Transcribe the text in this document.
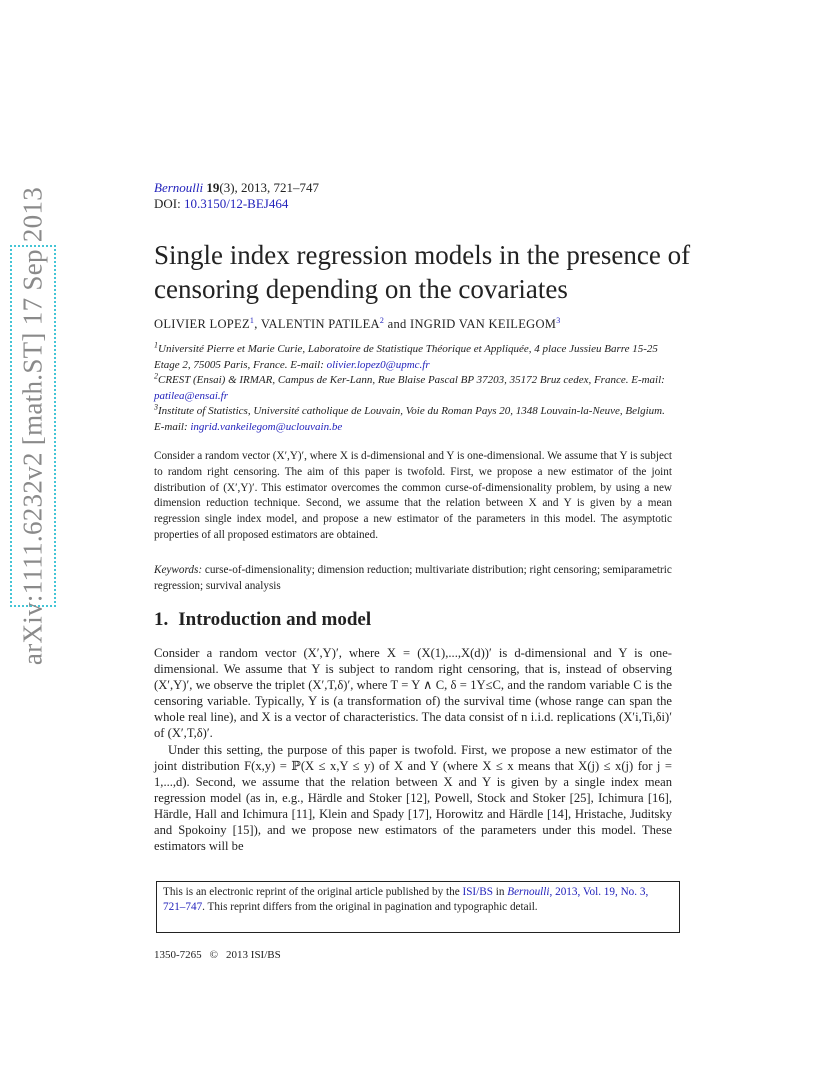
arXiv:1111.6232v2 [math.ST] 17 Sep 2013	Bernoulli 19(3), 2013, 721–747
DOI: 10.3150/12-BEJ464
Single index regression models in the presence of censoring depending on the covariates
OLIVIER LOPEZ$^1$, VALENTIN PATILEA$^2$ and INGRID VAN KEILEGOM$^3$

$^1$Université Pierre et Marie Curie, Laboratoire de Statistique Théorique et Appliquée, 4 place Jussieu Barre 15-25 Etage 2, 75005 Paris, France. E-mail: olivier.lopez0@upmc.fr

$^2$CREST (Ensai) & IRMAR, Campus de Ker-Lann, Rue Blaise Pascal BP 37203, 35172 Bruz cedex, France. E-mail: patilea@ensai.fr

$^3$Institute of Statistics, Université catholique de Louvain, Voie du Roman Pays 20, 1348 Louvain-la-Neuve, Belgium. E-mail: ingrid.vankeilegom@uclouvain.be

Consider a random vector (X′,Y)′, where X is d-dimensional and Y is one-dimensional. We assume that Y is subject to random right censoring. The aim of this paper is twofold. First, we propose a new estimator of the joint distribution of (X′,Y)′. This estimator overcomes the common curse-of-dimensionality problem, by using a new dimension reduction technique. Second, we assume that the relation between X and Y is given by a mean regression single index model, and propose a new estimator of the parameters in this model. The asymptotic properties of all proposed estimators are obtained.
Keywords: curse-of-dimensionality; dimension reduction; multivariate distribution; right censoring; semiparametric regression; survival analysis
1. Introduction and model

Consider a random vector (X′,Y)′, where X = (X(1),...,X(d))′ is d-dimensional and Y is one-dimensional. We assume that Y is subject to random right censoring, that is, instead of observing (X′,Y)′, we observe the triplet (X′,T,δ)′, where T = Y ∧ C, δ = 1Y≤C, and the random variable C is the censoring variable. Typically, Y is (a transformation of) the survival time (whose range can span the whole real line), and X is a vector of characteristics. The data consist of n i.i.d. replications (X′i,Ti,δi)′ of (X′,T,δ)′.

Under this setting, the purpose of this paper is twofold. First, we propose a new estimator of the joint distribution F(x,y) = ℙ(X ≤ x,Y ≤ y) of X and Y (where X ≤ x means that X(j) ≤ x(j) for j = 1,...,d). Second, we assume that the relation between X and Y is given by a single index mean regression model (as in, e.g., Härdle and Stoker [12], Powell, Stock and Stoker [25], Ichimura [16], Härdle, Hall and Ichimura [11], Klein and Spady [17], Horowitz and Härdle [14], Hristache, Juditsky and Spokoiny [15]), and we propose new estimators of the parameters under this model. These estimators will be

This is an electronic reprint of the original article published by the ISI/BS in Bernoulli, 2013, Vol. 19, No. 3, 721–747. This reprint differs from the original in pagination and typographic detail.
1350-7265 © 2013 ISI/BS
